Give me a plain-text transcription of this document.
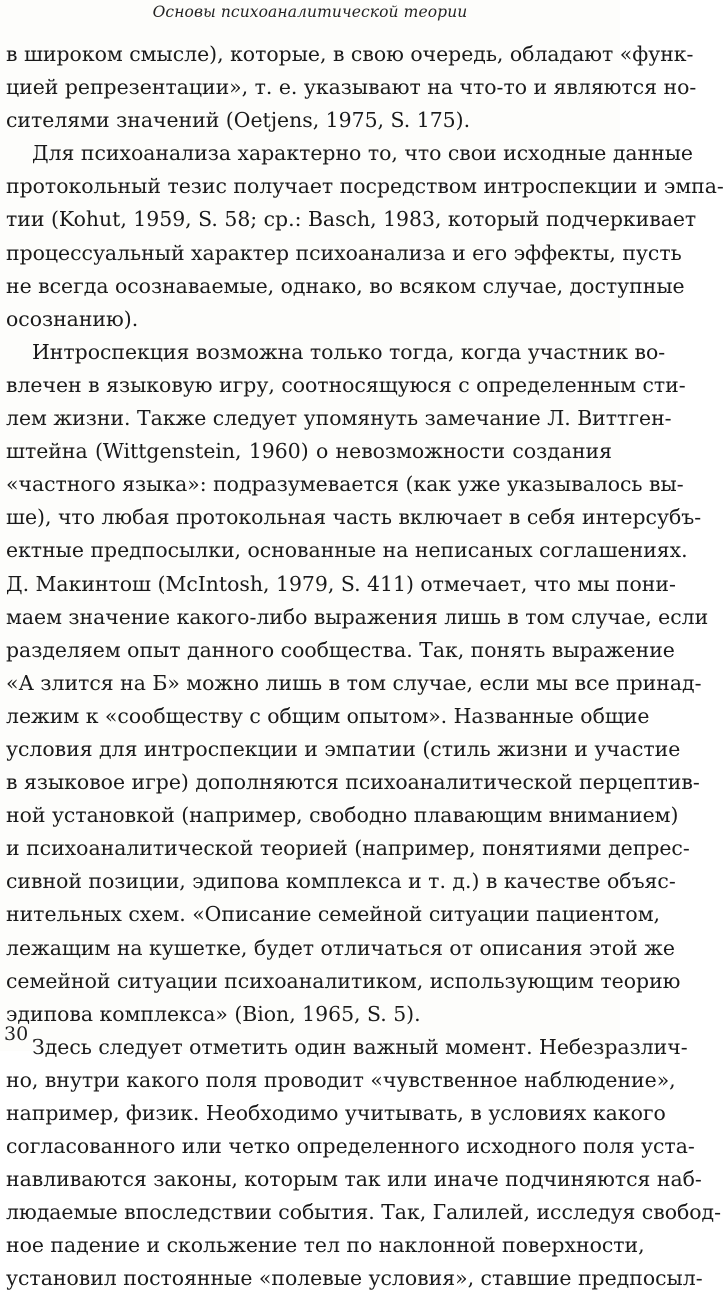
Основы психоаналитической теории
в широком смысле), которые, в свою очередь, обладают «функ-
цией репрезентации», т. е. указывают на что-то и являются но-
сителями значений (Oetjens, 1975, S. 175).
Для психоанализа характерно то, что свои исходные данные
протокольный тезис получает посредством интроспекции и эмпа-
тии (Kohut, 1959, S. 58; ср.: Basch, 1983, который подчеркивает
процессуальный характер психоанализа и его эффекты, пусть
не всегда осознаваемые, однако, во всяком случае, доступные
осознанию).
Интроспекция возможна только тогда, когда участник во-
влечен в языковую игру, соотносящуюся с определенным сти-
лем жизни. Также следует упомянуть замечание Л. Виттген-
штейна (Wittgenstein, 1960) о невозможности создания
«частного языка»: подразумевается (как уже указывалось вы-
ше), что любая протокольная часть включает в себя интерсубъ-
ектные предпосылки, основанные на неписаных соглашениях.
Д. Макинтош (McIntosh, 1979, S. 411) отмечает, что мы пони-
маем значение какого-либо выражения лишь в том случае, если
разделяем опыт данного сообщества. Так, понять выражение
«А злится на Б» можно лишь в том случае, если мы все принад-
лежим к «сообществу с общим опытом». Названные общие
условия для интроспекции и эмпатии (стиль жизни и участие
в языковое игре) дополняются психоаналитической перцептив-
ной установкой (например, свободно плавающим вниманием)
и психоаналитической теорией (например, понятиями депрес-
сивной позиции, эдипова комплекса и т. д.) в качестве объяс-
нительных схем. «Описание семейной ситуации пациентом,
лежащим на кушетке, будет отличаться от описания этой же
семейной ситуации психоаналитиком, использующим теорию
эдипова комплекса» (Bion, 1965, S. 5).
Здесь следует отметить один важный момент. Небезразлич-
но, внутри какого поля проводит «чувственное наблюдение»,
например, физик. Необходимо учитывать, в условиях какого
согласованного или четко определенного исходного поля уста-
навливаются законы, которым так или иначе подчиняются наб-
людаемые впоследствии события. Так, Галилей, исследуя свобод-
ное падение и скольжение тел по наклонной поверхности,
установил постоянные «полевые условия», ставшие предпосыл-
30
